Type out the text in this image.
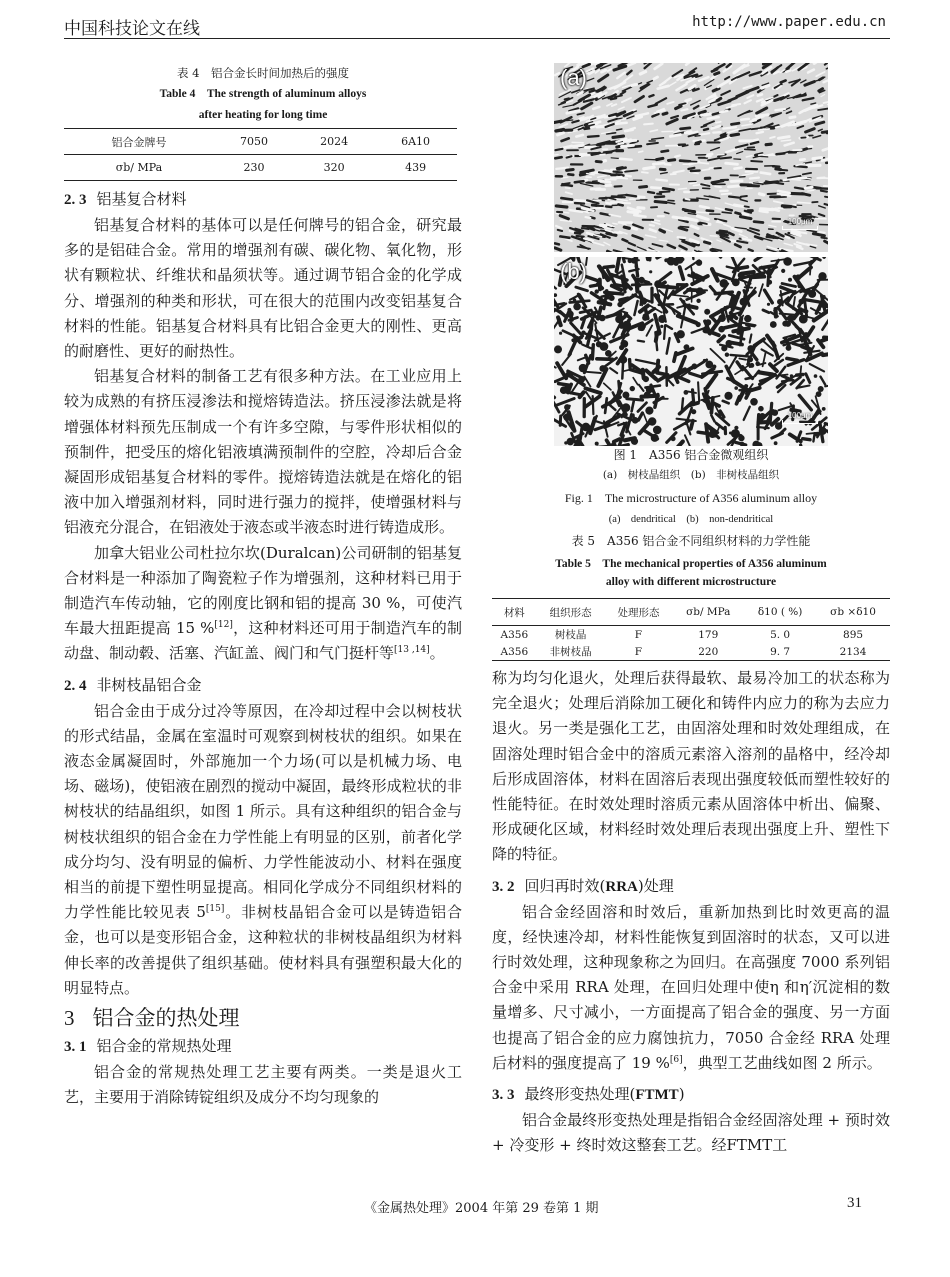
中国科技论文在线	http://www.paper.edu.cn
表 4　铝合金长时间加热后的强度
Table 4　The strength of aluminum alloys
after heating for long time
铝合金牌号	7050	2024	6A10
σb/ MPa	230	320	439
2. 3 铝基复合材料

铝基复合材料的基体可以是任何牌号的铝合金，研究最多的是铝硅合金。常用的增强剂有碳、碳化物、氧化物，形状有颗粒状、纤维状和晶须状等。通过调节铝合金的化学成分、增强剂的种类和形状，可在很大的范围内改变铝基复合材料的性能。铝基复合材料具有比铝合金更大的刚性、更高的耐磨性、更好的耐热性。

铝基复合材料的制备工艺有很多种方法。在工业应用上较为成熟的有挤压浸渗法和搅熔铸造法。挤压浸渗法就是将增强体材料预先压制成一个有许多空隙，与零件形状相似的预制件，把受压的熔化铝液填满预制件的空腔，冷却后合金凝固形成铝基复合材料的零件。搅熔铸造法就是在熔化的铝液中加入增强剂材料，同时进行强力的搅拌，使增强材料与铝液充分混合，在铝液处于液态或半液态时进行铸造成形。

加拿大铝业公司杜拉尔坎(Duralcan)公司研制的铝基复合材料是一种添加了陶瓷粒子作为增强剂，这种材料已用于制造汽车传动轴，它的刚度比钢和铝的提高 30 %，可使汽车最大扭距提高 15 %[12]，这种材料还可用于制造汽车的制动盘、制动毂、活塞、汽缸盖、阀门和气门挺杆等[13 ,14]。

2. 4 非树枝晶铝合金

铝合金由于成分过冷等原因，在冷却过程中会以树枝状的形式结晶，金属在室温时可观察到树枝状的组织。如果在液态金属凝固时，外部施加一个力场(可以是机械力场、电场、磁场)，使铝液在剧烈的搅动中凝固，最终形成粒状的非树枝状的结晶组织，如图 1 所示。具有这种组织的铝合金与树枝状组织的铝合金在力学性能上有明显的区别，前者化学成分均匀、没有明显的偏析、力学性能波动小、材料在强度相当的前提下塑性明显提高。相同化学成分不同组织材料的力学性能比较见表 5[15]。非树枝晶铝合金可以是铸造铝合金，也可以是变形铝合金，这种粒状的非树枝晶组织为材料伸长率的改善提供了组织基础。使材料具有强塑积最大化的明显特点。

3 铝合金的热处理
3. 1 铝合金的常规热处理

铝合金的常规热处理工艺主要有两类。一类是退火工艺，主要用于消除铸锭组织及成分不均匀现象的

(a)
100μm
(b)
100μm
图 1　A356 铝合金微观组织
(a)　树枝晶组织　(b)　非树枝晶组织
Fig. 1　The microstructure of A356 aluminum alloy
(a)　dendritical　(b)　non-dendritical
表 5　A356 铝合金不同组织材料的力学性能
Table 5　The mechanical properties of A356 aluminum
alloy with different microstructure
材料	组织形态	处理形态	σb/ MPa	δ10 ( %)	σb ×δ10
A356	树枝晶	F	179	5. 0	895
A356	非树枝晶	F	220	9. 7	2134

称为均匀化退火，处理后获得最软、最易冷加工的状态称为完全退火；处理后消除加工硬化和铸件内应力的称为去应力退火。另一类是强化工艺，由固溶处理和时效处理组成，在固溶处理时铝合金中的溶质元素溶入溶剂的晶格中，经冷却后形成固溶体，材料在固溶后表现出强度较低而塑性较好的性能特征。在时效处理时溶质元素从固溶体中析出、偏聚、形成硬化区域，材料经时效处理后表现出强度上升、塑性下降的特征。

3. 2 回归再时效(RRA)处理

铝合金经固溶和时效后，重新加热到比时效更高的温度，经快速冷却，材料性能恢复到固溶时的状态，又可以进行时效处理，这种现象称之为回归。在高强度 7000 系列铝合金中采用 RRA 处理，在回归处理中使η 和η′沉淀相的数量增多、尺寸减小，一方面提高了铝合金的强度、另一方面也提高了铝合金的应力腐蚀抗力，7050 合金经 RRA 处理后材料的强度提高了 19 %[6]，典型工艺曲线如图 2 所示。

3. 3 最终形变热处理(FTMT)

铝合金最终形变热处理是指铝合金经固溶处理 + 预时效 + 冷变形 + 终时效这整套工艺。经FTMT工

《金属热处理》2004 年第 29 卷第 1 期	31
